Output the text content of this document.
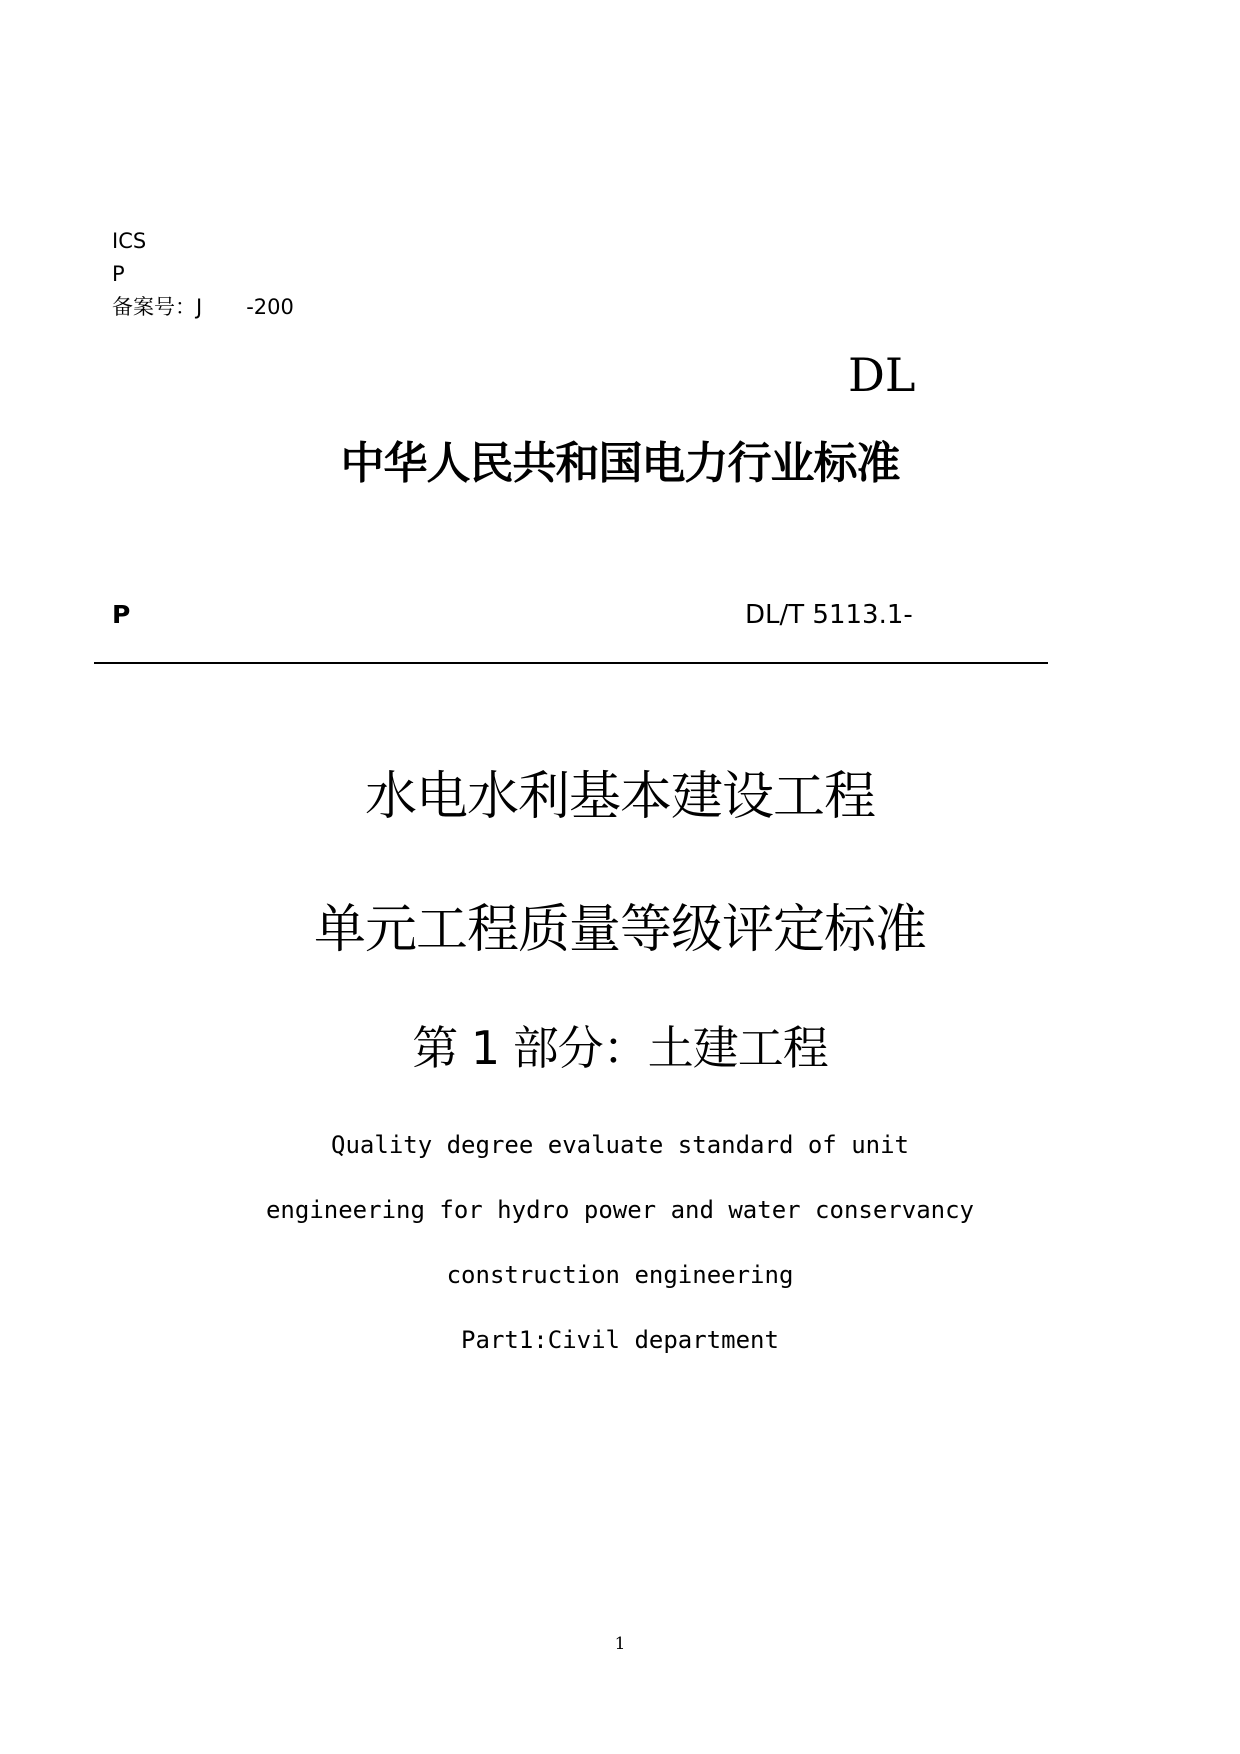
ICS
P
备案号：J -200
DL
中华人民共和国电力行业标准
P	DL/T 5113.1-
水电水利基本建设工程
单元工程质量等级评定标准
第 1 部分：土建工程
Quality degree evaluate standard of unit
engineering for hydro power and water conservancy
construction engineering
Part1:Civil department
1
